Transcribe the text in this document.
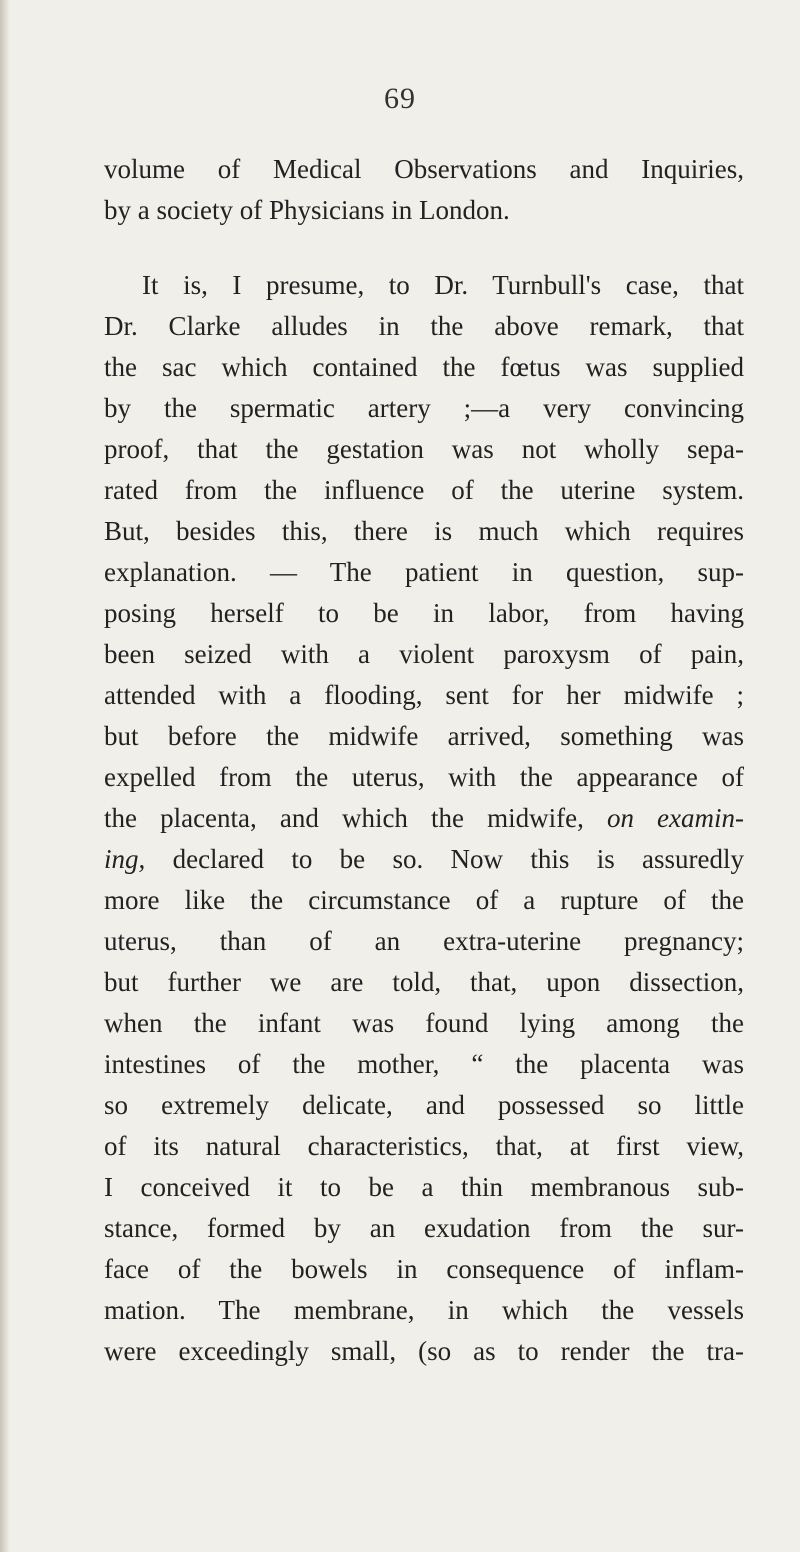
69
volume of Medical Observations and Inquiries,
by a society of Physicians in London.
It is, I presume, to Dr. Turnbull's case, that
Dr. Clarke alludes in the above remark, that
the sac which contained the fœtus was supplied
by the spermatic artery ;—a very convincing
proof, that the gestation was not wholly sepa-
rated from the influence of the uterine system.
But, besides this, there is much which requires
explanation. — The patient in question, sup-
posing herself to be in labor, from having
been seized with a violent paroxysm of pain,
attended with a flooding, sent for her midwife ;
but before the midwife arrived, something was
expelled from the uterus, with the appearance of
the placenta, and which the midwife, on examin-
ing, declared to be so. Now this is assuredly
more like the circumstance of a rupture of the
uterus, than of an extra-uterine pregnancy;
but further we are told, that, upon dissection,
when the infant was found lying among the
intestines of the mother, “ the placenta was
so extremely delicate, and possessed so little
of its natural characteristics, that, at first view,
I conceived it to be a thin membranous sub-
stance, formed by an exudation from the sur-
face of the bowels in consequence of inflam-
mation. The membrane, in which the vessels
were exceedingly small, (so as to render the tra-
